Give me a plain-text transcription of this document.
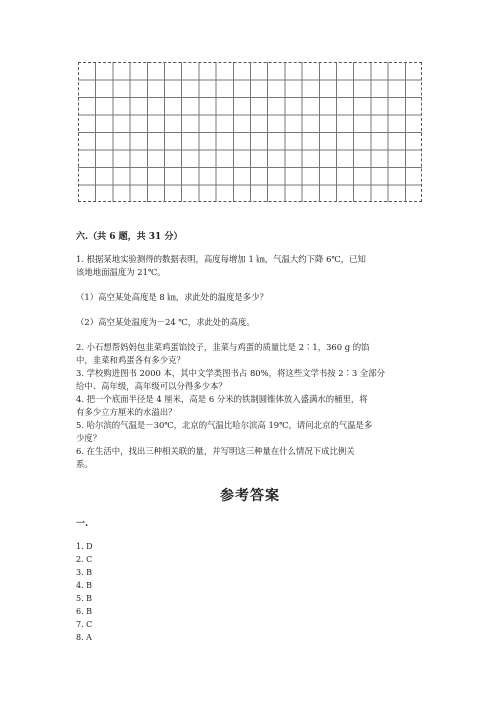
六.（共 6 题，共 31 分）
1. 根据某地实验测得的数据表明，高度每增加 1 ㎞，气温大约下降 6℃，已知
该地地面温度为 21℃。
（1）高空某处高度是 8 ㎞，求此处的温度是多少？
（2）高空某处温度为－24 ℃，求此处的高度。
2. 小石想帮妈妈包韭菜鸡蛋馅饺子，韭菜与鸡蛋的质量比是 2∶1，360 g 的馅
中，韭菜和鸡蛋各有多少克？
3. 学校购进图书 2000 本，其中文学类图书占 80%，将这些文学书按 2∶3 全部分
给中、高年级，高年级可以分得多少本？
4. 把一个底面半径是 4 厘米，高是 6 分米的铁制圆锥体放入盛满水的桶里，将
有多少立方厘米的水溢出？
5. 哈尔滨的气温是－30℃，北京的气温比哈尔滨高 19℃，请问北京的气温是多
少度？
6. 在生活中，找出三种相关联的量，并写明这三种量在什么情况下成比例关
系。
参考答案
一.
1. D
2. C
3. B
4. B
5. B
6. B
7. C
8. A
